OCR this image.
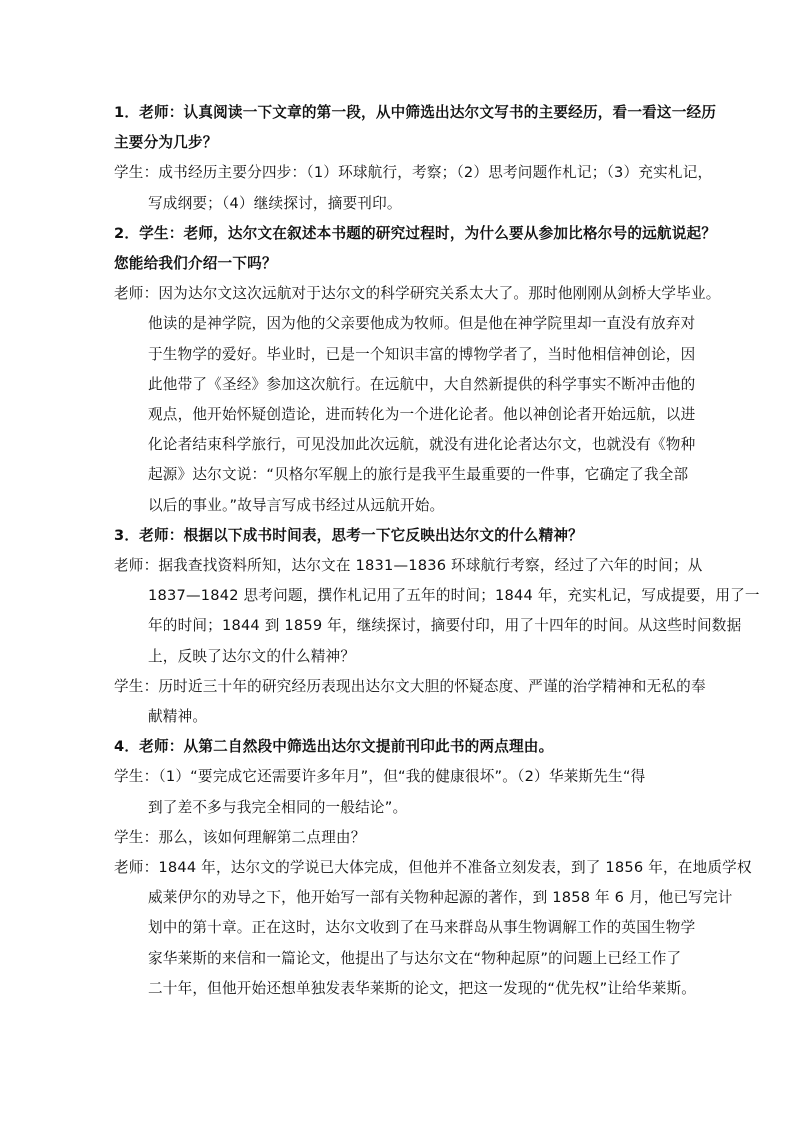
1．老师：认真阅读一下文章的第一段，从中筛选出达尔文写书的主要经历，看一看这一经历
主要分为几步？
学生：成书经历主要分四步：（1）环球航行，考察；（2）思考问题作札记；（3）充实札记，
写成纲要；（4）继续探讨，摘要刊印。
2．学生：老师，达尔文在叙述本书题的研究过程时，为什么要从参加比格尔号的远航说起？
您能给我们介绍一下吗？
老师：因为达尔文这次远航对于达尔文的科学研究关系太大了。那时他刚刚从剑桥大学毕业。
他读的是神学院，因为他的父亲要他成为牧师。但是他在神学院里却一直没有放弃对
于生物学的爱好。毕业时，已是一个知识丰富的博物学者了，当时他相信神创论，因
此他带了《圣经》参加这次航行。在远航中，大自然新提供的科学事实不断冲击他的
观点，他开始怀疑创造论，进而转化为一个进化论者。他以神创论者开始远航，以进
化论者结束科学旅行，可见没加此次远航，就没有进化论者达尔文，也就没有《物种
起源》达尔文说：“贝格尔军舰上的旅行是我平生最重要的一件事，它确定了我全部
以后的事业。”故导言写成书经过从远航开始。
3．老师：根据以下成书时间表，思考一下它反映出达尔文的什么精神？
老师：据我查找资料所知，达尔文在 1831—1836 环球航行考察，经过了六年的时间；从
1837—1842 思考问题，撰作札记用了五年的时间；1844 年，充实札记，写成提要，用了一
年的时间；1844 到 1859 年，继续探讨，摘要付印，用了十四年的时间。从这些时间数据
上，反映了达尔文的什么精神？
学生：历时近三十年的研究经历表现出达尔文大胆的怀疑态度、严谨的治学精神和无私的奉
献精神。
4．老师：从第二自然段中筛选出达尔文提前刊印此书的两点理由。
学生：（1）“要完成它还需要许多年月”，但“我的健康很坏”。（2）华莱斯先生“得
到了差不多与我完全相同的一般结论”。
学生：那么，该如何理解第二点理由？
老师：1844 年，达尔文的学说已大体完成，但他并不准备立刻发表，到了 1856 年，在地质学权
威莱伊尔的劝导之下，他开始写一部有关物种起源的著作，到 1858 年 6 月，他已写完计
划中的第十章。正在这时，达尔文收到了在马来群岛从事生物调解工作的英国生物学
家华莱斯的来信和一篇论文，他提出了与达尔文在“物种起原”的问题上已经工作了
二十年，但他开始还想单独发表华莱斯的论文，把这一发现的“优先权”让给华莱斯。
